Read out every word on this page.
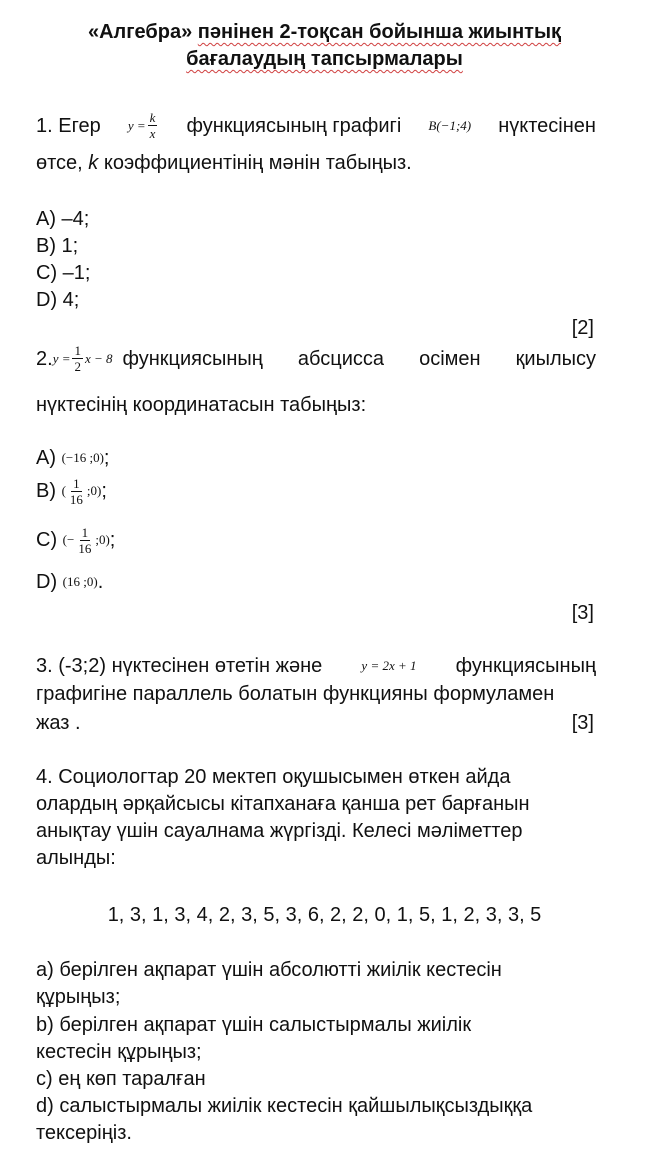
«Алгебра» пәнінен 2-тоқсан бойынша жиынтық
бағалаудың тапсырмалары
1. Егер $y = \frac{k}{x}$ функциясының графигі B(−1;4) нүктесінен
өтсе, k коэффициентінің мәнін табыңыз.
A) –4;
B) 1;
C) –1;
D) 4;
[2]
2. $y = \frac{1}{2}$ x − 8 функциясының абсцисса осімен қиылысу
нүктесінің координатасын табыңыз:
A)
(−16 ;0) ;
B)
( $\frac{1}{16}$ ;0) ;
C)
(− $\frac{1}{16}$ ;0) ;
D)
(16 ;0) .
[3]
3. (-3;2) нүктесінен өтетін және	y = 2x + 1 функциясының
графигіне параллель болатын функцияны формуламен
жаз .	[3]
4. Социологтар 20 мектеп оқушысымен өткен айда
олардың әрқайсысы кітапханаға қанша рет барғанын
анықтау үшін сауалнама жүргізді. Келесі мәліметтер
алынды:
1, 3, 1, 3, 4, 2, 3, 5, 3, 6, 2, 2, 0, 1, 5, 1, 2, 3, 3, 5
a) берілген ақпарат үшін абсолютті жиілік кестесін
құрыңыз;
b) берілген ақпарат үшін салыстырмалы жиілік
кестесін құрыңыз;
c) ең көп таралған
d) салыстырмалы жиілік кестесін қайшылықсыздыққа
тексеріңіз.
